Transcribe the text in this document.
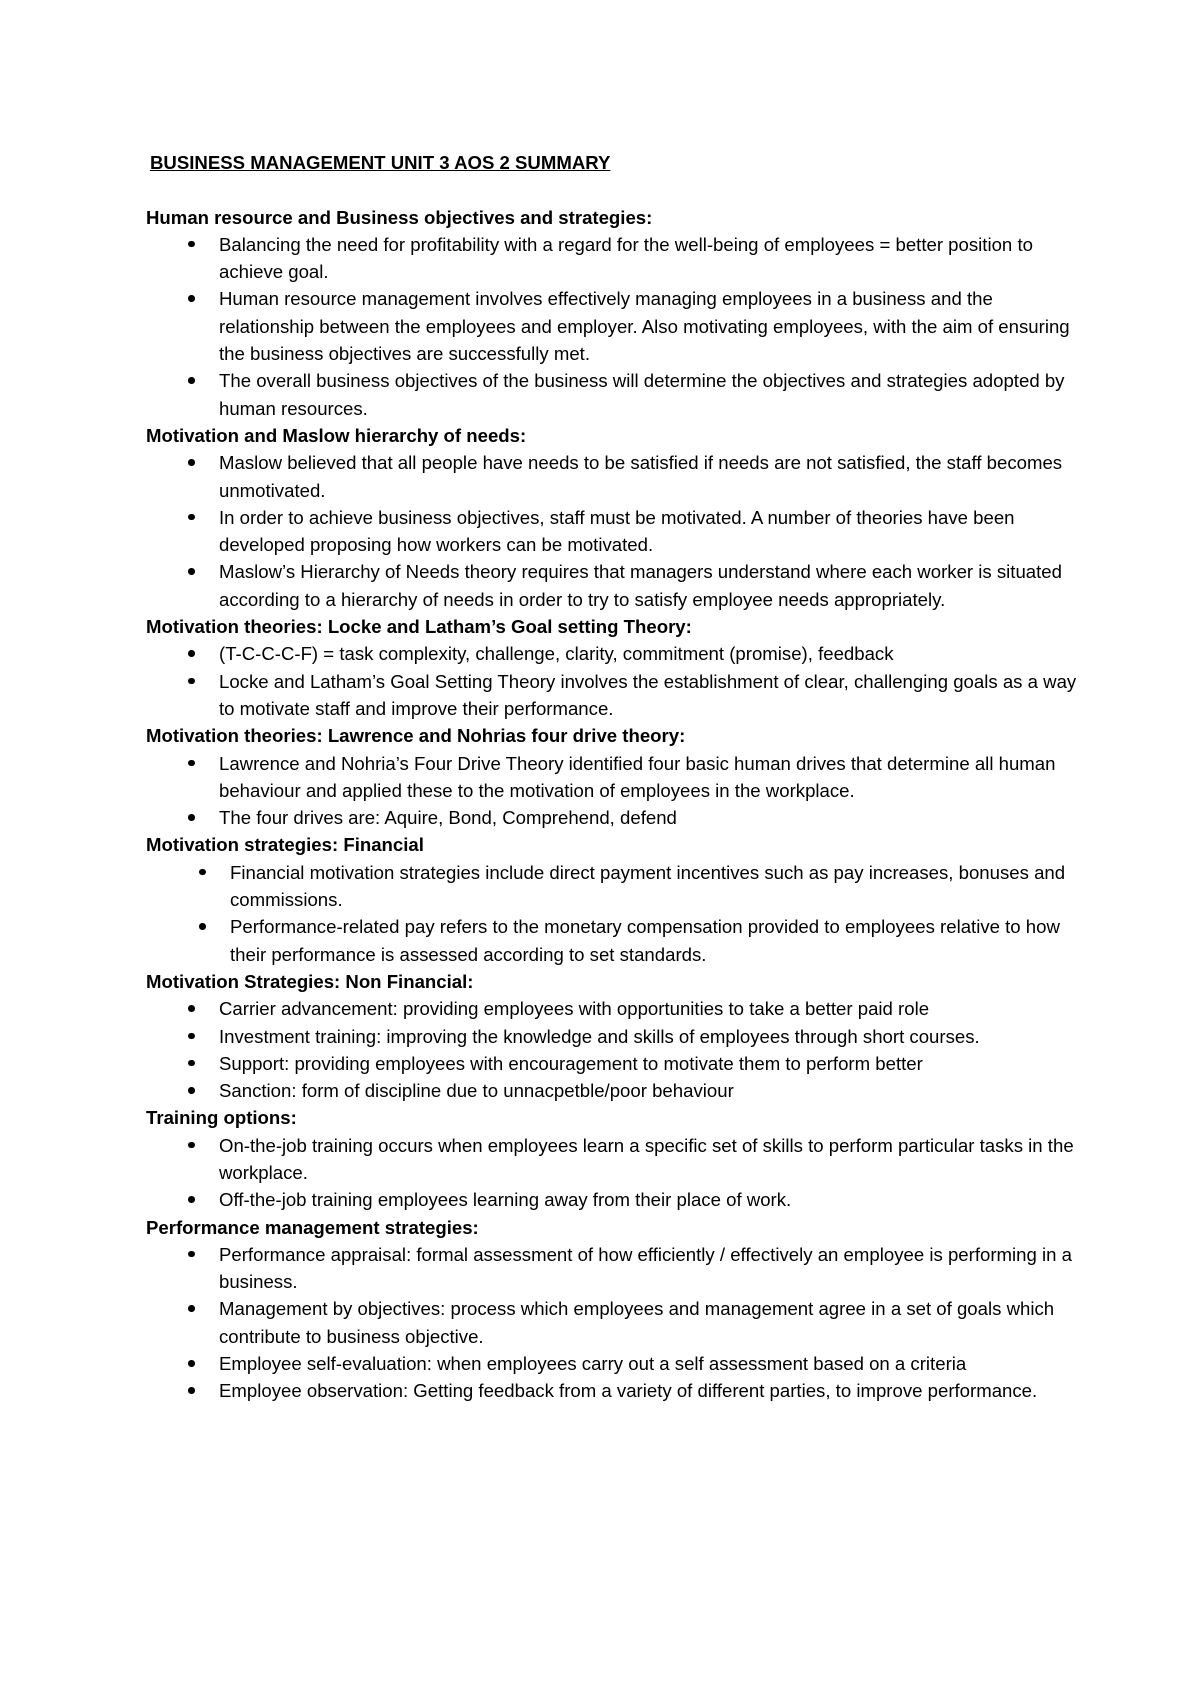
BUSINESS MANAGEMENT UNIT 3 AOS 2 SUMMARY
Human resource and Business objectives and strategies:
Balancing the need for profitability with a regard for the well-being of employees = better position to achieve goal.
Human resource management involves effectively managing employees in a business and the relationship between the employees and employer. Also motivating employees, with the aim of ensuring the business objectives are successfully met.
The overall business objectives of the business will determine the objectives and strategies adopted by human resources.
Motivation and Maslow hierarchy of needs:
Maslow believed that all people have needs to be satisfied if needs are not satisfied, the staff becomes unmotivated.
In order to achieve business objectives, staff must be motivated. A number of theories have been developed proposing how workers can be motivated.
Maslow’s Hierarchy of Needs theory requires that managers understand where each worker is situated according to a hierarchy of needs in order to try to satisfy employee needs appropriately.
Motivation theories: Locke and Latham’s Goal setting Theory:
(T-C-C-C-F) = task complexity, challenge, clarity, commitment (promise), feedback
Locke and Latham’s Goal Setting Theory involves the establishment of clear, challenging goals as a way to motivate staff and improve their performance.
Motivation theories: Lawrence and Nohrias four drive theory:
Lawrence and Nohria’s Four Drive Theory identified four basic human drives that determine all human behaviour and applied these to the motivation of employees in the workplace.
The four drives are: Aquire, Bond, Comprehend, defend
Motivation strategies: Financial
Financial motivation strategies include direct payment incentives such as pay increases, bonuses and commissions.
Performance-related pay refers to the monetary compensation provided to employees relative to how their performance is assessed according to set standards.
Motivation Strategies: Non Financial:
Carrier advancement: providing employees with opportunities to take a better paid role
Investment training: improving the knowledge and skills of employees through short courses.
Support: providing employees with encouragement to motivate them to perform better
Sanction: form of discipline due to unnacpetble/poor behaviour
Training options:
On-the-job training occurs when employees learn a specific set of skills to perform particular tasks in the workplace.
Off-the-job training employees learning away from their place of work.
Performance management strategies:
Performance appraisal: formal assessment of how efficiently / effectively an employee is performing in a business.
Management by objectives: process which employees and management agree in a set of goals which contribute to business objective.
Employee self-evaluation: when employees carry out a self assessment based on a criteria
Employee observation: Getting feedback from a variety of different parties, to improve performance.
